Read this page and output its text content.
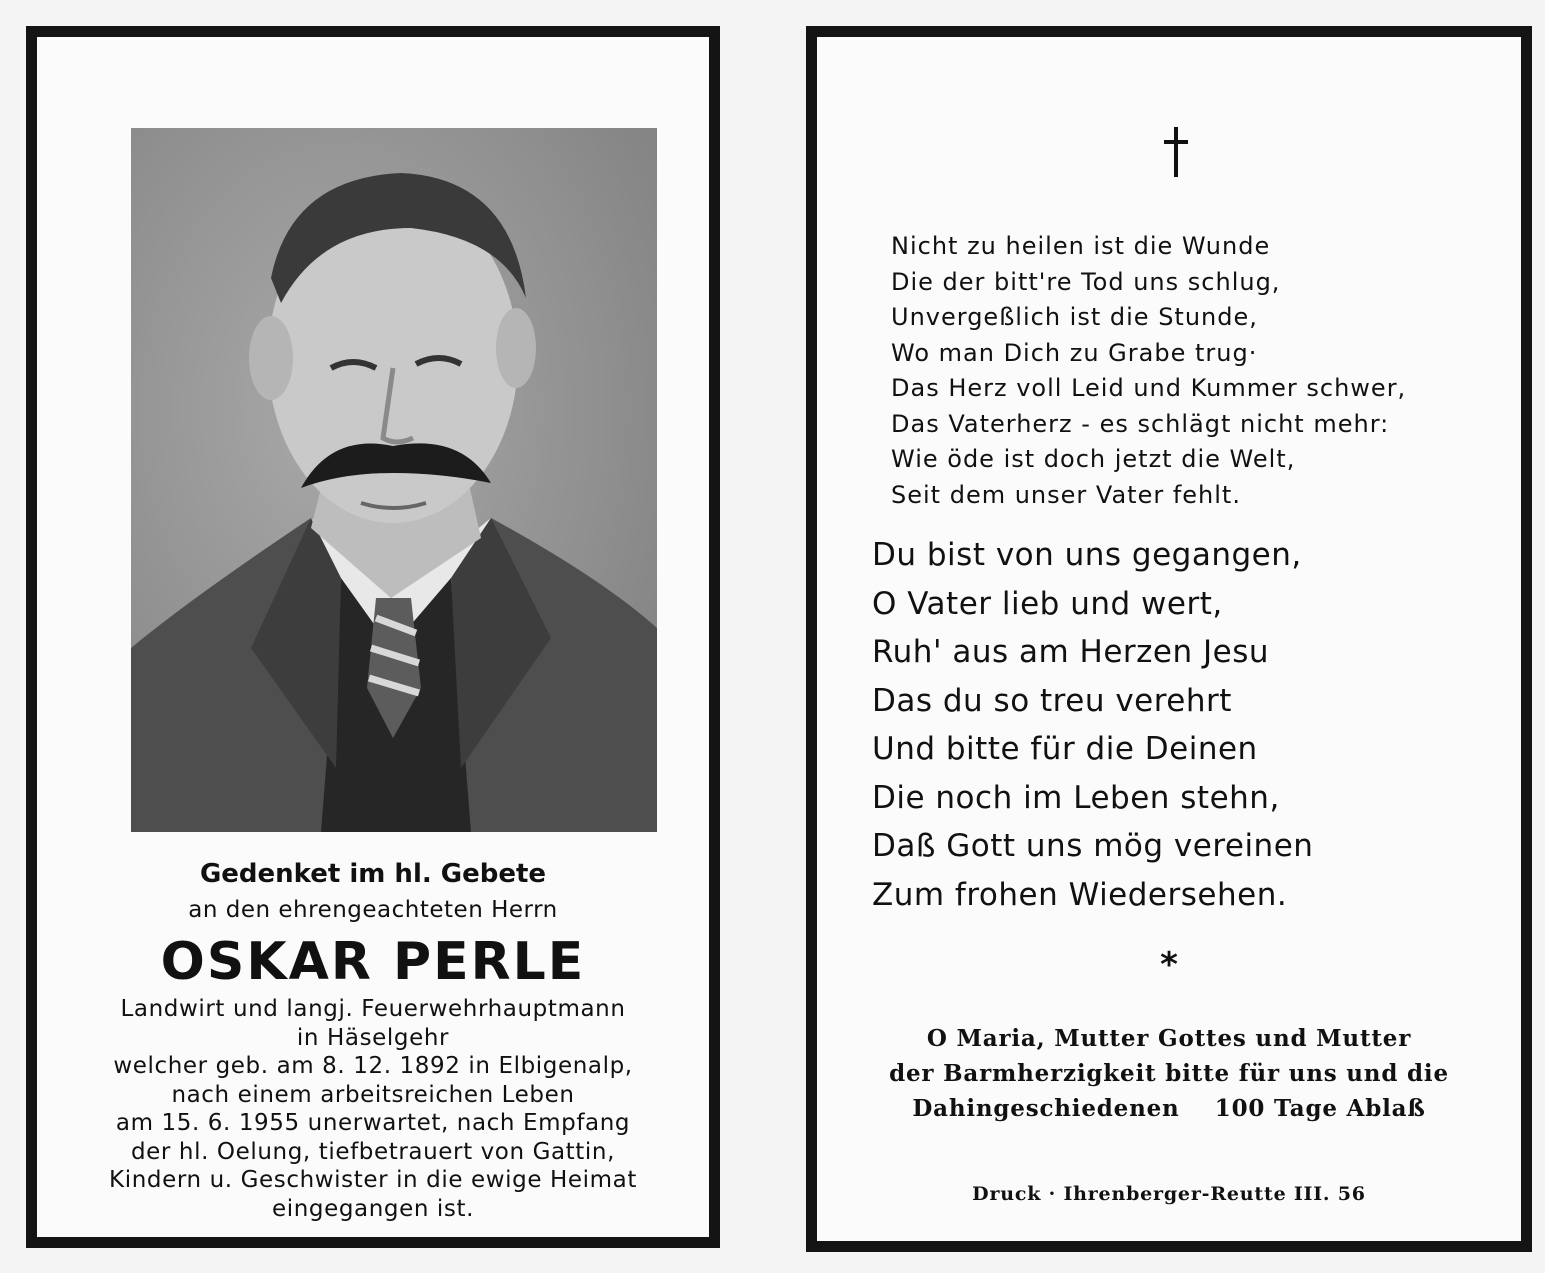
Gedenket im hl. Gebete
an den ehrengeachteten Herrn
OSKAR PERLE
Landwirt und langj. Feuerwehrhauptmann
in Häselgehr
welcher geb. am 8. 12. 1892 in Elbigenalp,
nach einem arbeitsreichen Leben
am 15. 6. 1955 unerwartet, nach Empfang
der hl. Oelung, tiefbetrauert von Gattin,
Kindern u. Geschwister in die ewige Heimat
eingegangen ist.
Nicht zu heilen ist die Wunde
Die der bitt're Tod uns schlug,
Unvergeßlich ist die Stunde,
Wo man Dich zu Grabe trug·
Das Herz voll Leid und Kummer schwer,
Das Vaterherz - es schlägt nicht mehr:
Wie öde ist doch jetzt die Welt,
Seit dem unser Vater fehlt.
Du bist von uns gegangen,
O Vater lieb und wert,
Ruh' aus am Herzen Jesu
Das du so treu verehrt
Und bitte für die Deinen
Die noch im Leben stehn,
Daß Gott uns mög vereinen
Zum frohen Wiedersehen.
*
O Maria, Mutter Gottes und Mutter
der Barmherzigkeit bitte für uns und die
Dahingeschiedenen    100 Tage Ablaß
Druck · Ihrenberger-Reutte III. 56
